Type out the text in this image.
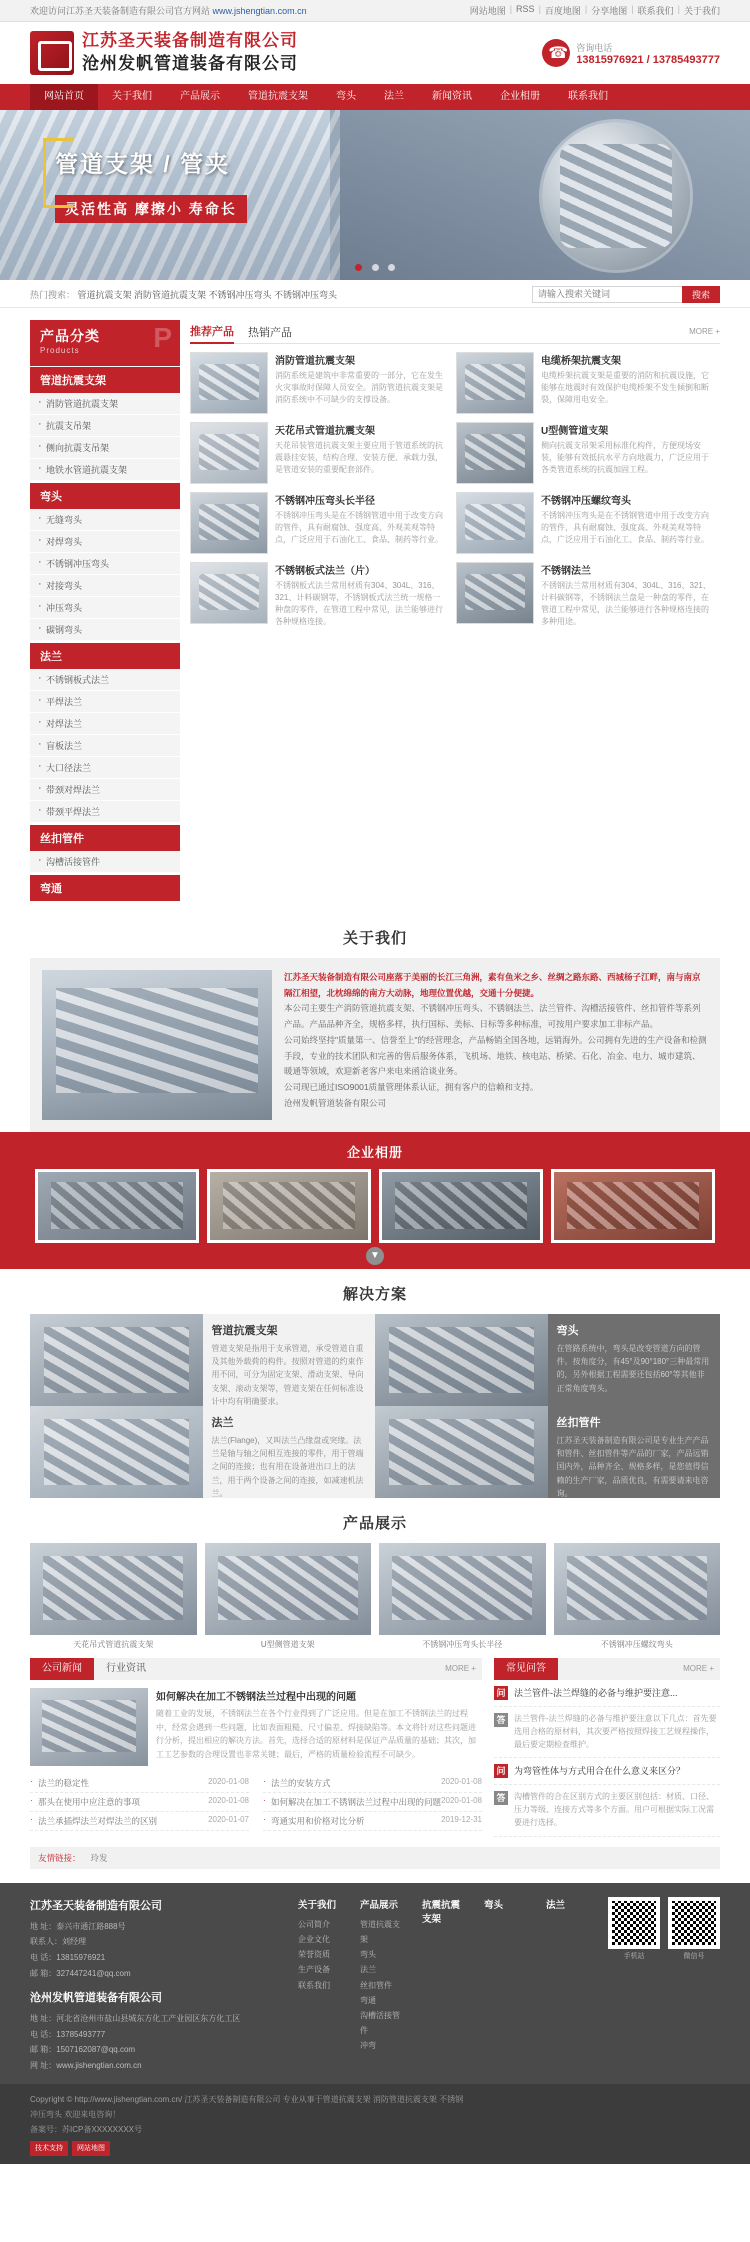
欢迎访问江苏圣天装备制造有限公司官方网站 www.jshengtian.com.cn	网站地图 | RSS | 百度地图 | 分享地图 | 联系我们 | 关于我们
江苏圣天装备制造有限公司
沧州发帆管道装备有限公司
☎
咨询电话
13815976921 / 13785493777
网站首页	关于我们	产品展示	管道抗震支架	弯头	法兰	新闻资讯	企业相册	联系我们
管道支架 / 管夹
灵活性高 摩擦小 寿命长

热门搜索： 管道抗震支架 消防管道抗震支架 不锈钢冲压弯头 不锈钢冲压弯头
请输入搜索关键词	搜索
P
产品分类
Products
管道抗震支架
· 消防管道抗震支架
· 抗震支吊架
· 侧向抗震支吊架
· 地铁水管道抗震支架
弯头
· 无缝弯头
· 对焊弯头
· 不锈钢冲压弯头
· 对接弯头
· 冲压弯头
· 碳钢弯头
法兰
· 不锈钢板式法兰
· 平焊法兰
· 对焊法兰
· 盲板法兰
· 大口径法兰
· 带颈对焊法兰
· 带颈平焊法兰
丝扣管件
· 沟槽活接管件
弯通
推荐产品 热销产品	MORE +
消防管道抗震支架
消防系统是建筑中非常重要的一部分，它在发生火灾事故时保障人员安全。消防管道抗震支架是消防系统中不可缺少的支撑设备。
电缆桥架抗震支架
电缆桥架抗震支架是重要的消防和抗震设施，它能够在地震时有效保护电缆桥架不发生倾倒和断裂，保障用电安全。
天花吊式管道抗震支架
天花吊装管道抗震支架主要应用于管道系统的抗震悬挂安装，结构合理、安装方便、承载力强，是管道安装的重要配套部件。
U型侧管道支架
侧向抗震支吊架采用标准化构件，方便现场安装，能够有效抵抗水平方向地震力，广泛应用于各类管道系统的抗震加固工程。
不锈钢冲压弯头长半径
不锈钢冲压弯头是在不锈钢管道中用于改变方向的管件，具有耐腐蚀、强度高、外观美观等特点，广泛应用于石油化工、食品、制药等行业。
不锈钢冲压螺纹弯头
不锈钢冲压弯头是在不锈钢管道中用于改变方向的管件，具有耐腐蚀、强度高、外观美观等特点，广泛应用于石油化工、食品、制药等行业。
不锈钢板式法兰（片）
不锈钢板式法兰常用材质有304、304L、316、321、计料碳钢等，不锈钢板式法兰统一规格一种盘的零件，在管道工程中常见，法兰能够进行各种规格连接。
不锈钢法兰
不锈钢法兰常用材质有304、304L、316、321、计料碳钢等，不锈钢法兰盘是一种盘的零件，在管道工程中常见，法兰能够进行各种规格连接的多种用途。
关于我们

江苏圣天装备制造有限公司座落于美丽的长江三角洲，素有鱼米之乡、丝绸之路东路、西城杨子江畔，南与南京隔江相望，北枕绵绵的南方大动脉，地理位置优越，交通十分便捷。

本公司主要生产消防管道抗震支架、不锈钢冲压弯头、不锈钢法兰、法兰管件、沟槽活接管件、丝扣管件等系列产品。产品品种齐全，规格多样，执行国标、美标、日标等多种标准，可按用户要求加工非标产品。

公司始终坚持"质量第一、信誉至上"的经营理念，产品畅销全国各地，远销海外。公司拥有先进的生产设备和检测手段，专业的技术团队和完善的售后服务体系，飞机场、地铁、核电站、桥梁、石化、冶金、电力、城市建筑、暖通等领域，欢迎新老客户来电来函洽谈业务。

公司现已通过ISO9001质量管理体系认证，拥有客户的信赖和支持。

沧州发帆管道装备有限公司

企业相册
▼
解决方案
管道抗震支架

管道支架是指用于支承管道，承受管道自重及其他外载荷的构件。按照对管道的约束作用不同，可分为固定支架、滑动支架、导向支架、滚动支架等，管道支架在任何标准设计中均有明确要求。

弯头

在管路系统中，弯头是改变管道方向的管件。按角度分，有45°及90°180°三种最常用的，另外根据工程需要还包括60°等其他非正常角度弯头。

法兰

法兰(Flange)，又叫法兰凸缘盘或突缘。法兰是轴与轴之间相互连接的零件，用于管端之间的连接；也有用在设备进出口上的法兰，用于两个设备之间的连接，如减速机法兰。

丝扣管件

江苏圣天装备制造有限公司是专业生产产品和管件、丝扣管件等产品的厂家，产品远销国内外，品种齐全、规格多样，是您值得信赖的生产厂家，品质优良，有需要请来电咨询。

产品展示
天花吊式管道抗震支架	U型侧管道支架	不锈钢冲压弯头长半径	不锈钢冲压螺纹弯头
公司新闻	行业资讯	MORE +
如何解决在加工不锈钢法兰过程中出现的问题

随着工业的发展，不锈钢法兰在各个行业得到了广泛应用。但是在加工不锈钢法兰的过程中，经常会遇到一些问题，比如表面粗糙、尺寸偏差、焊接缺陷等。本文将针对这些问题进行分析，提出相应的解决方法。首先，选择合适的原材料是保证产品质量的基础；其次，加工工艺参数的合理设置也非常关键；最后，严格的质量检验流程不可缺少。

· 法兰的稳定性	2020-01-08
· 那头在使用中应注意的事项	2020-01-08
· 法兰承插焊法兰对焊法兰的区别	2020-01-07
· 法兰的安装方式	2020-01-08
· 如何解决在加工不锈钢法兰过程中出现的问题 2020-01-08
· 弯通实用和价格对比分析	2019-12-31
常见问答	MORE +
问 法兰管件-法兰焊缝的必备与维护要注意...
答	法兰管件-法兰焊缝的必备与维护要注意以下几点：首先要选用合格的原材料，其次要严格按照焊接工艺规程操作，最后要定期检查维护。
问 为弯管性体与方式用合在什么意义来区分？
答	沟槽管件的合在区别方式的主要区别包括：材质、口径、压力等级、连接方式等多个方面。用户可根据实际工况需要进行选择。
友情链接： 玲发
江苏圣天装备制造有限公司
地 址：泰兴市通江路888号
联系人：刘经理
电 话：13815976921
邮 箱：327447241@qq.com
沧州发帆管道装备有限公司
地 址：河北省沧州市盐山县城东方化工产业园区东方化工区
电 话：13785493777
邮 箱：1507162087@qq.com
网 址：www.jishengtian.com.cn
关于我们
公司简介
企业文化
荣誉资质
生产设备
联系我们
产品展示
管道抗震支架
弯头
法兰
丝扣管件
弯通
沟槽活接管件
冲弯
抗震抗震支架
弯头	法兰
手机站	微信号
Copyright © http://www.jishengtian.com.cn/ 江苏圣天装备制造有限公司 专业从事于管道抗震支架 消防管道抗震支架 不锈钢
冲压弯头 欢迎来电咨询！
备案号：苏ICP备XXXXXXXX号
技术支持	网站地图
